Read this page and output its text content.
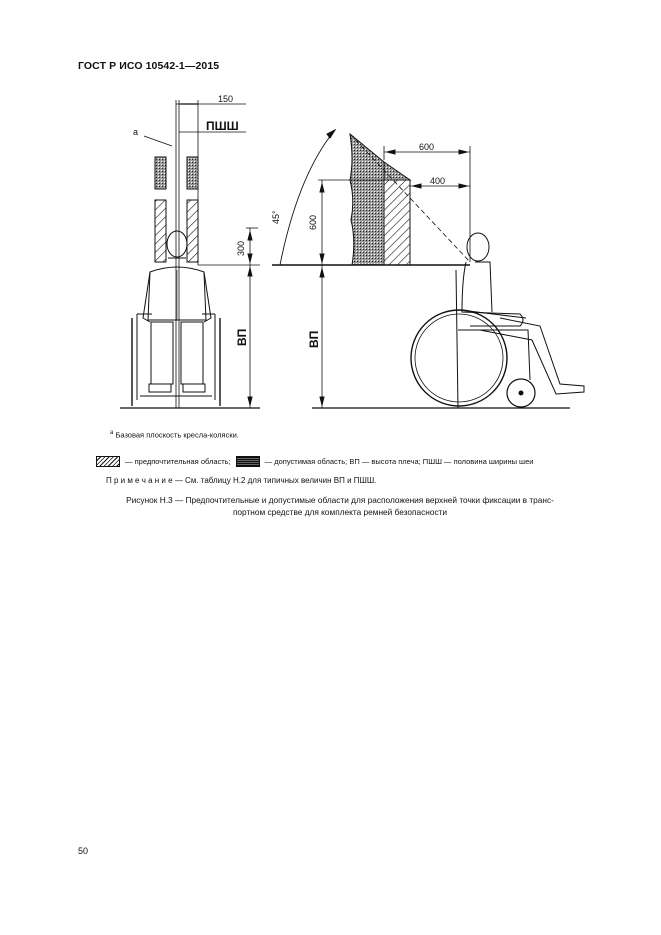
ГОСТ Р ИСО 10542-1—2015
150
ПШШ
a
300
ВП
600
400
600
45°
ВП
$^a$ Базовая плоскость кресла-коляски.
— предпочтительная область;	— допустимая область; ВП — высота плеча; ПШШ — половина ширины шеи
П р и м е ч а н и е — См. таблицу Н.2 для типичных величин ВП и ПШШ.
Рисунок Н.3 — Предпочтительные и допустимые области для расположения верхней точки фиксации в транс-
портном средстве для комплекта ремней безопасности
50
